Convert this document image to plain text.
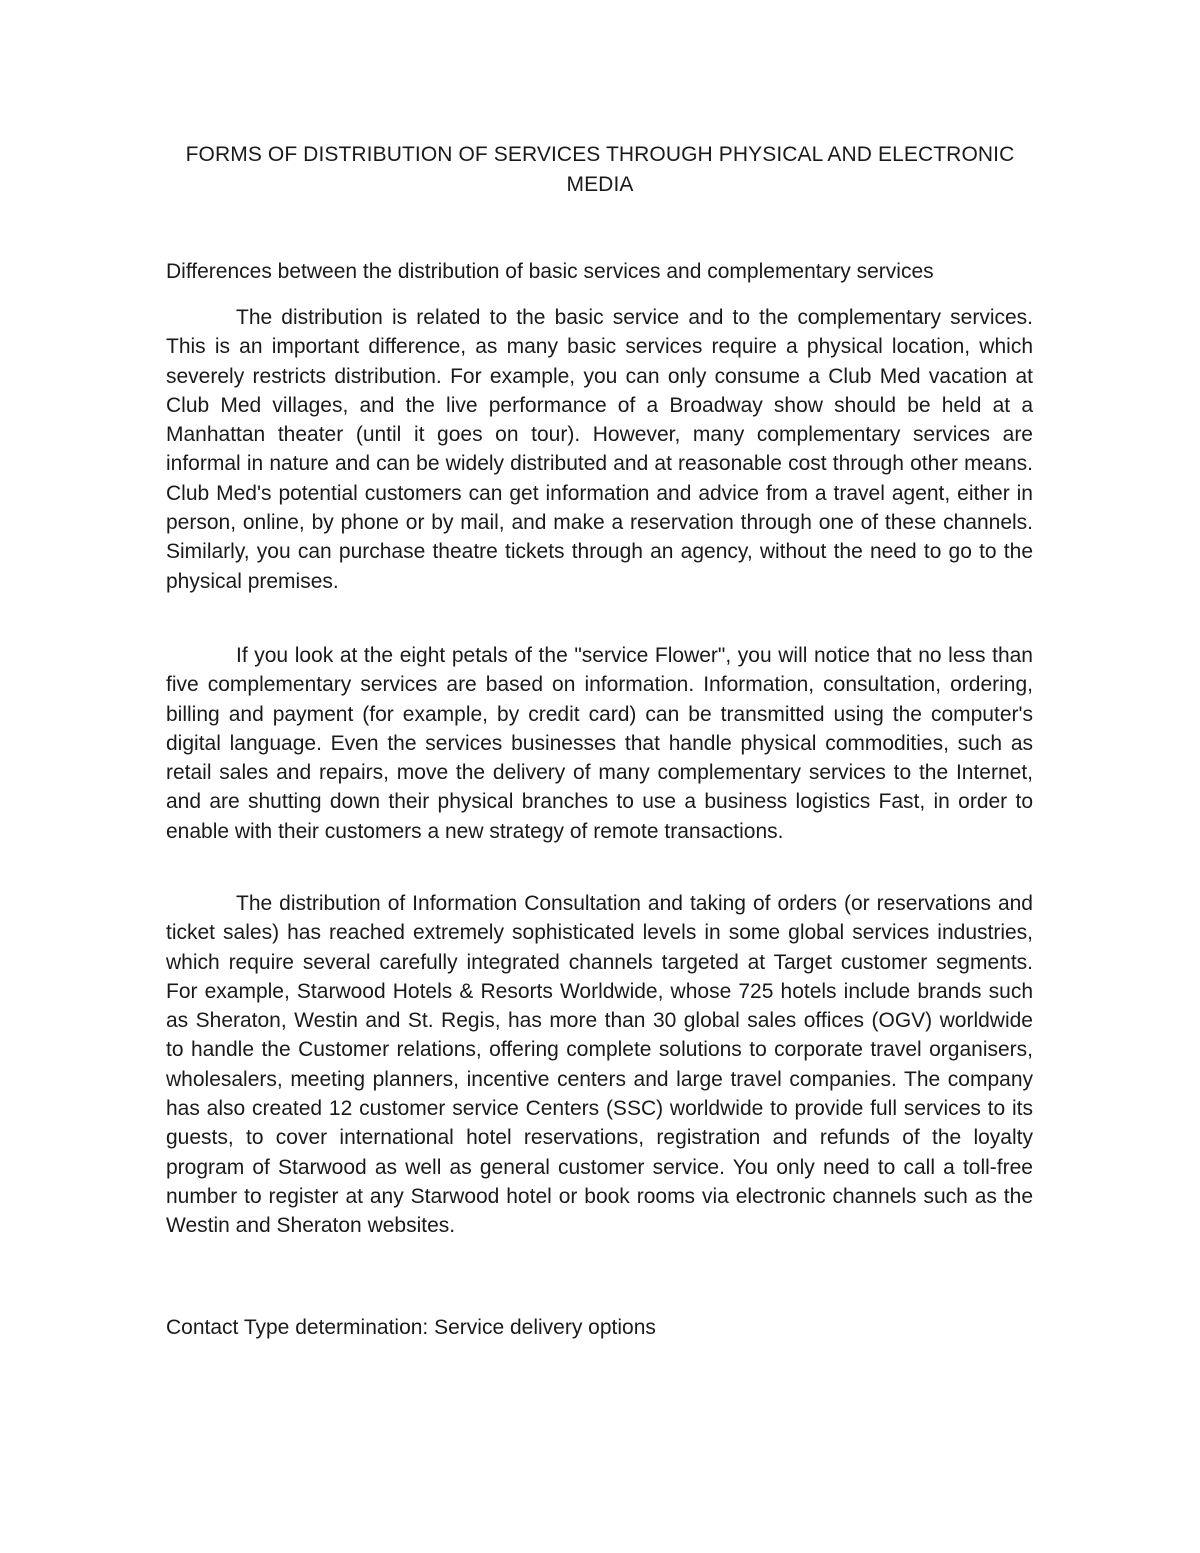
FORMS OF DISTRIBUTION OF SERVICES THROUGH PHYSICAL AND ELECTRONIC MEDIA
Differences between the distribution of basic services and complementary services

The distribution is related to the basic service and to the complementary services. This is an important difference, as many basic services require a physical location, which severely restricts distribution. For example, you can only consume a Club Med vacation at Club Med villages, and the live performance of a Broadway show should be held at a Manhattan theater (until it goes on tour). However, many complementary services are informal in nature and can be widely distributed and at reasonable cost through other means. Club Med's potential customers can get information and advice from a travel agent, either in person, online, by phone or by mail, and make a reservation through one of these channels. Similarly, you can purchase theatre tickets through an agency, without the need to go to the physical premises.

If you look at the eight petals of the "service Flower", you will notice that no less than five complementary services are based on information. Information, consultation, ordering, billing and payment (for example, by credit card) can be transmitted using the computer's digital language. Even the services businesses that handle physical commodities, such as retail sales and repairs, move the delivery of many complementary services to the Internet, and are shutting down their physical branches to use a business logistics Fast, in order to enable with their customers a new strategy of remote transactions.

The distribution of Information Consultation and taking of orders (or reservations and ticket sales) has reached extremely sophisticated levels in some global services industries, which require several carefully integrated channels targeted at Target customer segments. For example, Starwood Hotels & Resorts Worldwide, whose 725 hotels include brands such as Sheraton, Westin and St. Regis, has more than 30 global sales offices (OGV) worldwide to handle the Customer relations, offering complete solutions to corporate travel organisers, wholesalers, meeting planners, incentive centers and large travel companies. The company has also created 12 customer service Centers (SSC) worldwide to provide full services to its guests, to cover international hotel reservations, registration and refunds of the loyalty program of Starwood as well as general customer service. You only need to call a toll-free number to register at any Starwood hotel or book rooms via electronic channels such as the Westin and Sheraton websites.

Contact Type determination: Service delivery options
